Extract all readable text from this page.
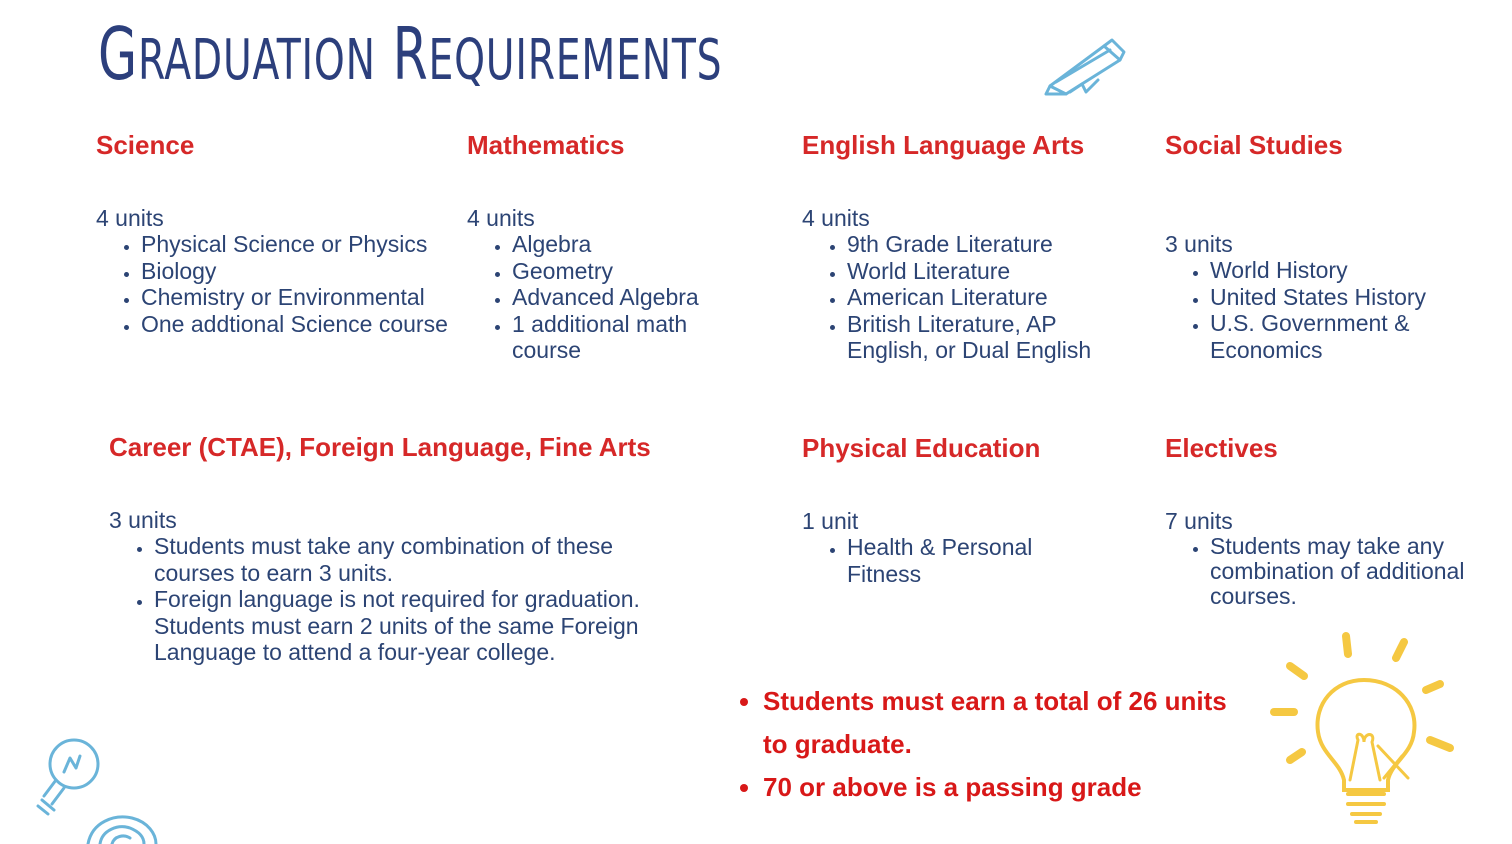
GRADUATION REQUIREMENTS
Science

4 units

• Physical Science or Physics
• Biology
• Chemistry or Environmental
• One addtional Science course
Mathematics

4 units

• Algebra
• Geometry
• Advanced Algebra
• 1 additional math course
English Language Arts

4 units

• 9th Grade Literature
• World Literature
• American Literature
• British Literature, AP English, or Dual English
Social Studies

3 units

• World History
• United States History
• U.S. Government & Economics
Career (CTAE), Foreign Language, Fine Arts

3 units

• Students must take any combination of these courses to earn 3 units.
• Foreign language is not required for graduation. Students must earn 2 units of the same Foreign Language to attend a four-year college.
Physical Education

1 unit

• Health & Personal Fitness
Electives

7 units

• Students may take any combination of additional courses.
• Students must earn a total of 26 units to graduate.
• 70 or above is a passing grade
